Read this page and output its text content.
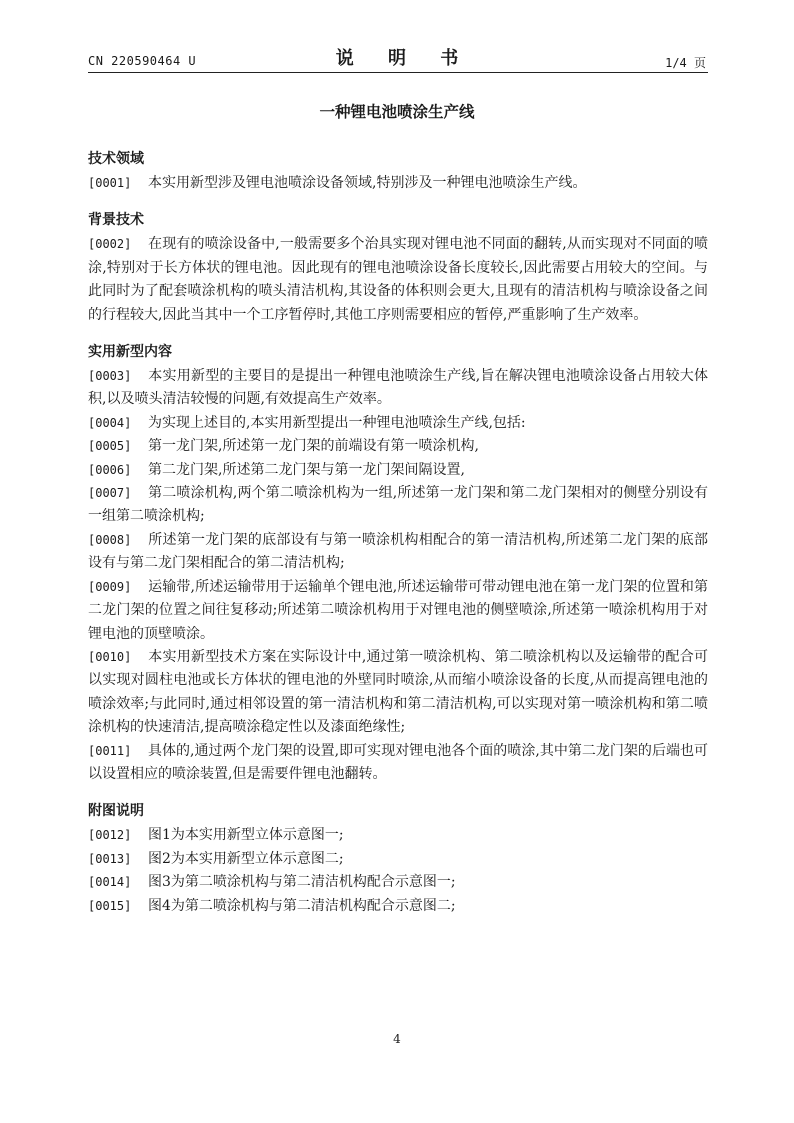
CN 220590464 U	说 明 书	1/4 页
一种锂电池喷涂生产线
技术领域
[0001] 本实用新型涉及锂电池喷涂设备领域,特别涉及一种锂电池喷涂生产线。
背景技术
[0002] 在现有的喷涂设备中,一般需要多个治具实现对锂电池不同面的翻转,从而实现对不同面的喷涂,特别对于长方体状的锂电池。因此现有的锂电池喷涂设备长度较长,因此需要占用较大的空间。与此同时为了配套喷涂机构的喷头清洁机构,其设备的体积则会更大,且现有的清洁机构与喷涂设备之间的行程较大,因此当其中一个工序暂停时,其他工序则需要相应的暂停,严重影响了生产效率。
实用新型内容
[0003] 本实用新型的主要目的是提出一种锂电池喷涂生产线,旨在解决锂电池喷涂设备占用较大体积,以及喷头清洁较慢的问题,有效提高生产效率。
[0004] 为实现上述目的,本实用新型提出一种锂电池喷涂生产线,包括:
[0005] 第一龙门架,所述第一龙门架的前端设有第一喷涂机构,
[0006] 第二龙门架,所述第二龙门架与第一龙门架间隔设置,
[0007] 第二喷涂机构,两个第二喷涂机构为一组,所述第一龙门架和第二龙门架相对的侧壁分别设有一组第二喷涂机构;
[0008] 所述第一龙门架的底部设有与第一喷涂机构相配合的第一清洁机构,所述第二龙门架的底部设有与第二龙门架相配合的第二清洁机构;
[0009] 运输带,所述运输带用于运输单个锂电池,所述运输带可带动锂电池在第一龙门架的位置和第二龙门架的位置之间往复移动;所述第二喷涂机构用于对锂电池的侧壁喷涂,所述第一喷涂机构用于对锂电池的顶壁喷涂。
[0010] 本实用新型技术方案在实际设计中,通过第一喷涂机构、第二喷涂机构以及运输带的配合可以实现对圆柱电池或长方体状的锂电池的外壁同时喷涂,从而缩小喷涂设备的长度,从而提高锂电池的喷涂效率;与此同时,通过相邻设置的第一清洁机构和第二清洁机构,可以实现对第一喷涂机构和第二喷涂机构的快速清洁,提高喷涂稳定性以及漆面绝缘性;
[0011] 具体的,通过两个龙门架的设置,即可实现对锂电池各个面的喷涂,其中第二龙门架的后端也可以设置相应的喷涂装置,但是需要件锂电池翻转。
附图说明
[0012] 图1为本实用新型立体示意图一;
[0013] 图2为本实用新型立体示意图二;
[0014] 图3为第二喷涂机构与第二清洁机构配合示意图一;
[0015] 图4为第二喷涂机构与第二清洁机构配合示意图二;
4
